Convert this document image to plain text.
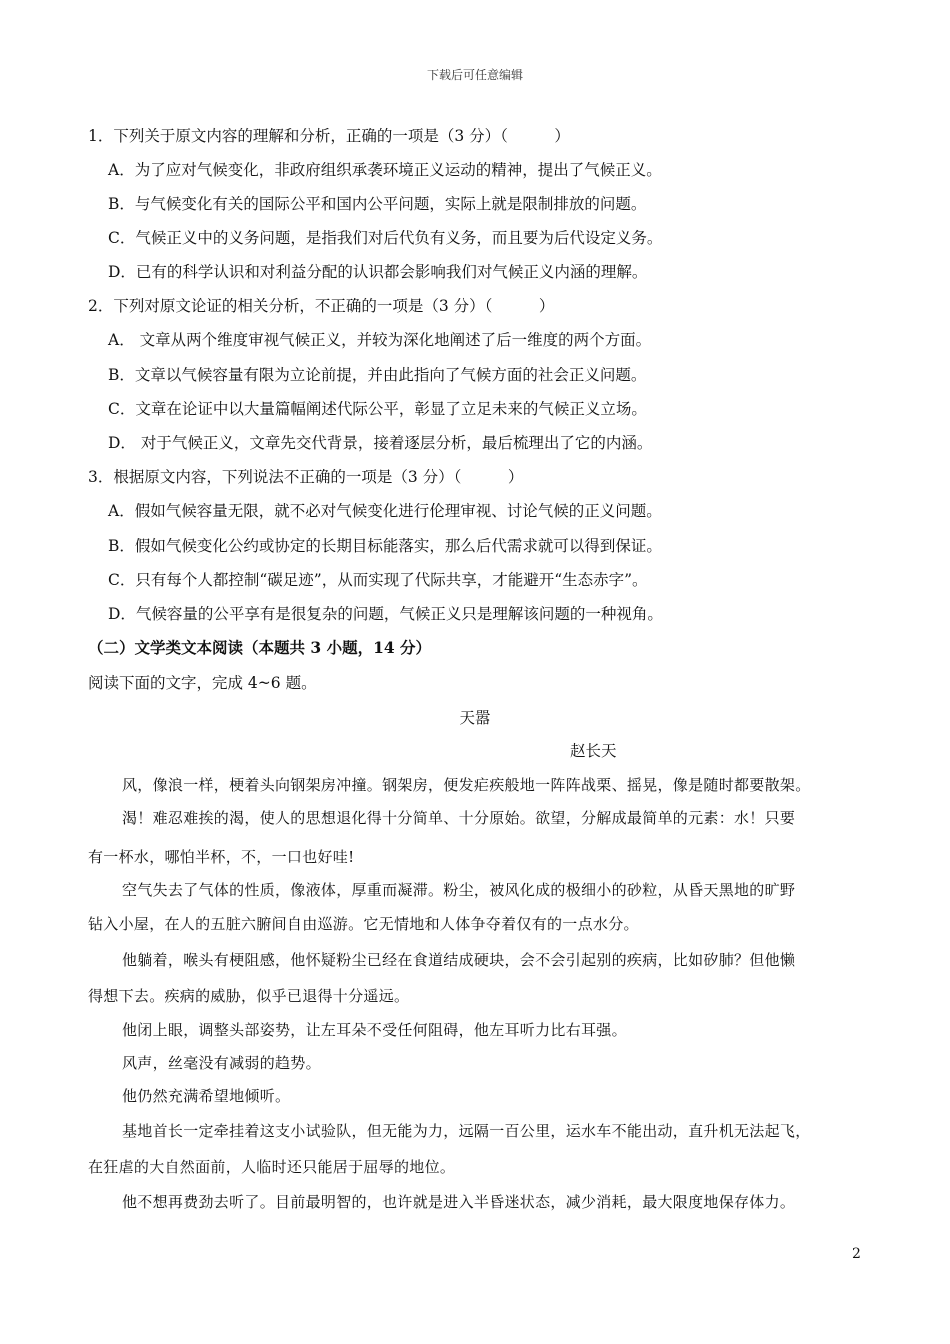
下载后可任意编辑
1．下列关于原文内容的理解和分析，正确的一项是（3 分）（　　　）
A．为了应对气候变化，非政府组织承袭环境正义运动的精神，提出了气候正义。
B．与气候变化有关的国际公平和国内公平问题，实际上就是限制排放的问题。
C．气候正义中的义务问题，是指我们对后代负有义务，而且要为后代设定义务。
D．已有的科学认识和对利益分配的认识都会影响我们对气候正义内涵的理解。
2．下列对原文论证的相关分析，不正确的一项是（3 分）（　　　）
A． 文章从两个维度审视气候正义，并较为深化地阐述了后一维度的两个方面。
B．文章以气候容量有限为立论前提，并由此指向了气候方面的社会正义问题。
C．文章在论证中以大量篇幅阐述代际公平，彰显了立足未来的气候正义立场。
D． 对于气候正义，文章先交代背景，接着逐层分析，最后梳理出了它的内涵。
3．根据原文内容，下列说法不正确的一项是（3 分）（　　　）
A．假如气候容量无限，就不必对气候变化进行伦理审视、讨论气候的正义问题。
B．假如气候变化公约或协定的长期目标能落实，那么后代需求就可以得到保证。
C．只有每个人都控制“碳足迹”，从而实现了代际共享，才能避开“生态赤字”。
D．气候容量的公平享有是很复杂的问题，气候正义只是理解该问题的一种视角。
（二）文学类文本阅读（本题共 3 小题，14 分）
阅读下面的文字，完成 4~6 题。
天嚣
赵长天
风，像浪一样，梗着头向钢架房冲撞。钢架房，便发疟疾般地一阵阵战栗、摇晃，像是随时都要散架。
渴！难忍难挨的渴，使人的思想退化得十分简单、十分原始。欲望，分解成最简单的元素：水！只要
有一杯水，哪怕半杯，不，一口也好哇!
空气失去了气体的性质，像液体，厚重而凝滞。粉尘，被风化成的极细小的砂粒，从昏天黑地的旷野
钻入小屋，在人的五脏六腑间自由巡游。它无情地和人体争夺着仅有的一点水分。
他躺着，喉头有梗阻感，他怀疑粉尘已经在食道结成硬块，会不会引起别的疾病，比如矽肺？但他懒
得想下去。疾病的威胁，似乎已退得十分遥远。
他闭上眼，调整头部姿势，让左耳朵不受任何阻碍，他左耳听力比右耳强。
风声，丝毫没有减弱的趋势。
他仍然充满希望地倾听。
基地首长一定牵挂着这支小试验队，但无能为力，远隔一百公里，运水车不能出动，直升机无法起飞，
在狂虐的大自然面前，人临时还只能居于屈辱的地位。
他不想再费劲去听了。目前最明智的，也许就是进入半昏迷状态，减少消耗，最大限度地保存体力。
2
